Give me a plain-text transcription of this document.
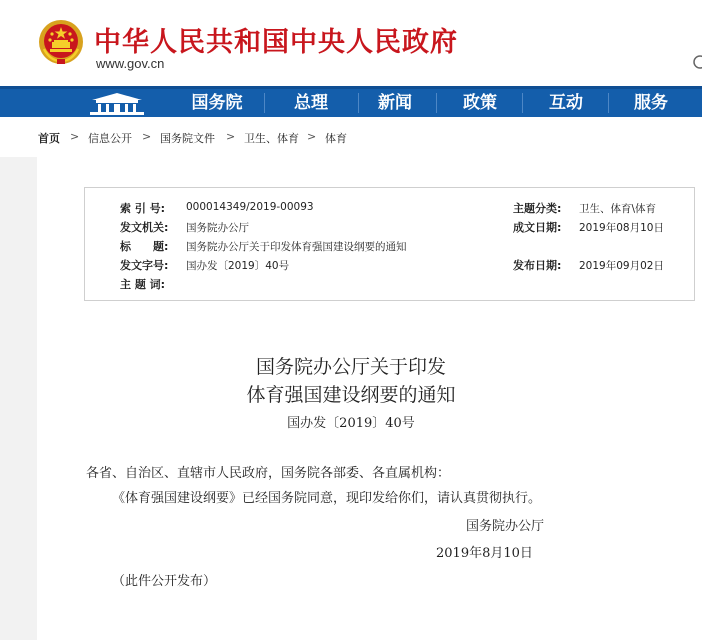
中华人民共和国中央人民政府
www.gov.cn
国务院	总理	新闻	政策	互动	服务
首页 > 信息公开 > 国务院文件 > 卫生、体育 > 体育
索 引 号: 000014349/2019-00093
发文机关: 国务院办公厅
标　　题: 国务院办公厅关于印发体育强国建设纲要的通知
发文字号: 国办发〔2019〕40号
主 题 词:
主题分类: 卫生、体育\体育
成文日期: 2019年08月10日
发布日期: 2019年09月02日
国务院办公厅关于印发
体育强国建设纲要的通知
国办发〔2019〕40号
各省、自治区、直辖市人民政府，国务院各部委、各直属机构：
《体育强国建设纲要》已经国务院同意，现印发给你们，请认真贯彻执行。
国务院办公厅
2019年8月10日
（此件公开发布）
